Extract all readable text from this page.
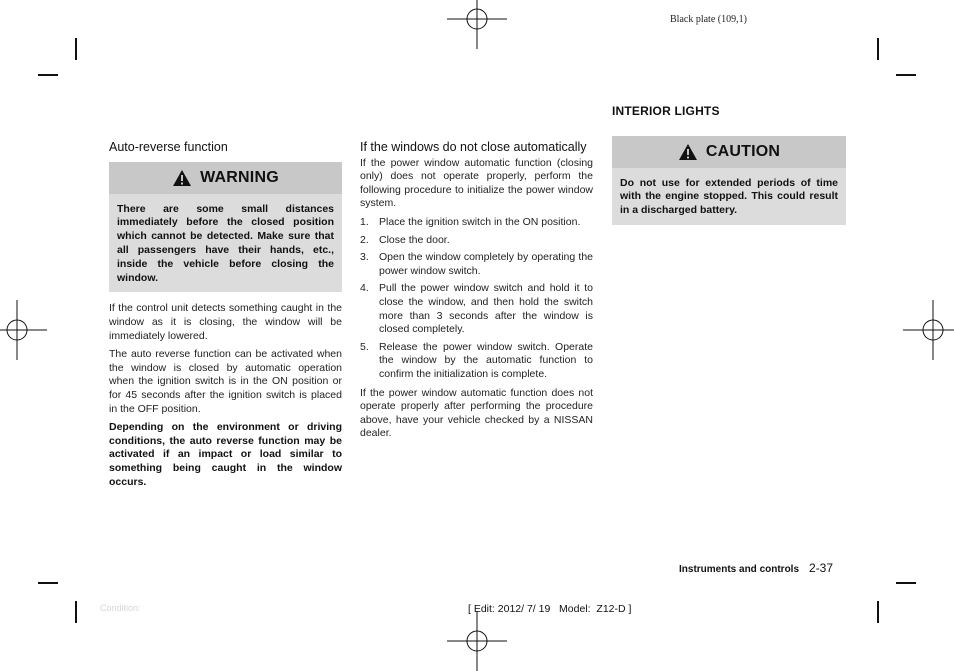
Black plate (109,1)
Auto-reverse function
WARNING
There are some small distances immediately before the closed position which cannot be detected. Make sure that all passengers have their hands, etc., inside the vehicle before closing the window.

If the control unit detects something caught in the window as it is closing, the window will be immediately lowered.

The auto reverse function can be activated when the window is closed by automatic operation when the ignition switch is in the ON position or for 45 seconds after the ignition switch is placed in the OFF position.

Depending on the environment or driving conditions, the auto reverse function may be activated if an impact or load similar to something being caught in the window occurs.

If the windows do not close automatically

If the power window automatic function (closing only) does not operate properly, perform the following procedure to initialize the power window system.

1. Place the ignition switch in the ON position.
2. Close the door.
3. Open the window completely by operating the power window switch.
4. Pull the power window switch and hold it to close the window, and then hold the switch more than 3 seconds after the window is closed completely.
5. Release the power window switch. Operate the window by the automatic function to confirm the initialization is complete.

If the power window automatic function does not operate properly after performing the procedure above, have your vehicle checked by a NISSAN dealer.

INTERIOR LIGHTS
CAUTION
Do not use for extended periods of time with the engine stopped. This could result in a discharged battery.
Instruments and controls 2-37
Condition:	[ Edit: 2012/ 7/ 19   Model:  Z12-D ]
